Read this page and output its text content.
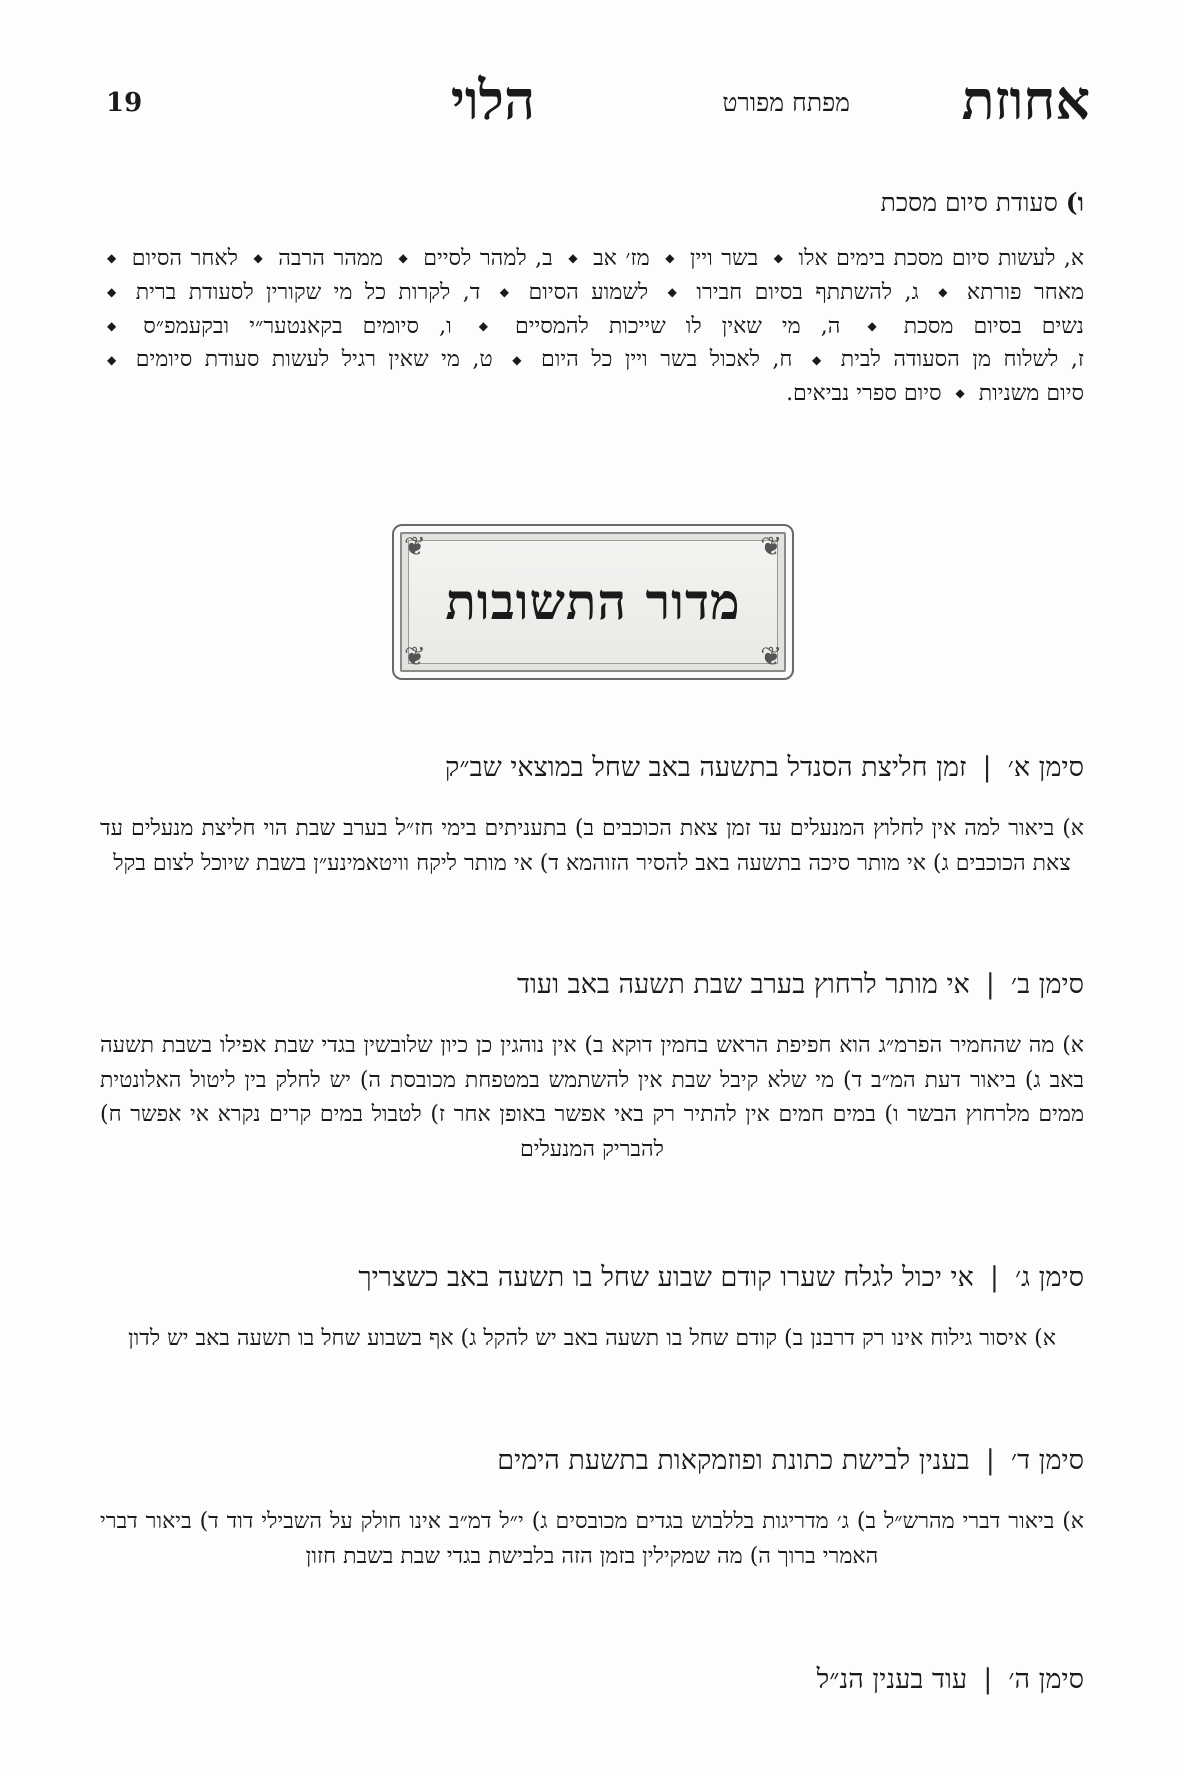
אחוזת
מפתח מפורט
הלוי
19
ו) סעודת סיום מסכת
א, לעשות סיום מסכת בימים אלו ◆ בשר ויין ◆ מז׳ אב ◆ ב, למהר לסיים ◆ ממהר הרבה ◆ לאחר הסיום ◆ מאחר פורתא ◆ ג, להשתתף בסיום חבירו ◆ לשמוע הסיום ◆ ד, לקרות כל מי שקורין לסעודת ברית ◆ נשים בסיום מסכת ◆ ה, מי שאין לו שייכות להמסיים ◆ ו, סיומים בקאנטער״י ובקעמפ״ס ◆ ז, לשלוח מן הסעודה לבית ◆ ח, לאכול בשר ויין כל היום ◆ ט, מי שאין רגיל לעשות סעודת סיומים ◆ סיום משניות ◆ סיום ספרי נביאים.
❦	❦
❦	❦
מדור התשובות
סימן א׳|זמן חליצת הסנדל בתשעה באב שחל במוצאי שב״ק
א) ביאור למה אין לחלוץ המנעלים עד זמן צאת הכוכבים ב) בתעניתים בימי חז״ל בערב שבת הוי חליצת מנעלים עד צאת הכוכבים ג) אי מותר סיכה בתשעה באב להסיר הזוהמא ד) אי מותר ליקח וויטאמינע״ן בשבת שיוכל לצום בקל
סימן ב׳|אי מותר לרחוץ בערב שבת תשעה באב ועוד
א) מה שהחמיר הפרמ״ג הוא חפיפת הראש בחמין דוקא ב) אין נוהגין כן כיון שלובשין בגדי שבת אפילו בשבת תשעה באב ג) ביאור דעת המ״ב ד) מי שלא קיבל שבת אין להשתמש במטפחת מכובסת ה) יש לחלק בין ליטול האלונטית ממים מלרחוץ הבשר ו) במים חמים אין להתיר רק באי אפשר באופן אחר ז) לטבול במים קרים נקרא אי אפשר ח) להבריק המנעלים
סימן ג׳|אי יכול לגלח שערו קודם שבוע שחל בו תשעה באב כשצריך
א) איסור גילוח אינו רק דרבנן ב) קודם שחל בו תשעה באב יש להקל ג) אף בשבוע שחל בו תשעה באב יש לדון
סימן ד׳|בענין לבישת כתונת ופוזמקאות בתשעת הימים
א) ביאור דברי מהרש״ל ב) ג׳ מדריגות בללבוש בגדים מכובסים ג) י״ל דמ״ב אינו חולק על השבילי דוד ד) ביאור דברי האמרי ברוך ה) מה שמקילין בזמן הזה בלבישת בגדי שבת בשבת חזון
סימן ה׳|עוד בענין הנ״ל
